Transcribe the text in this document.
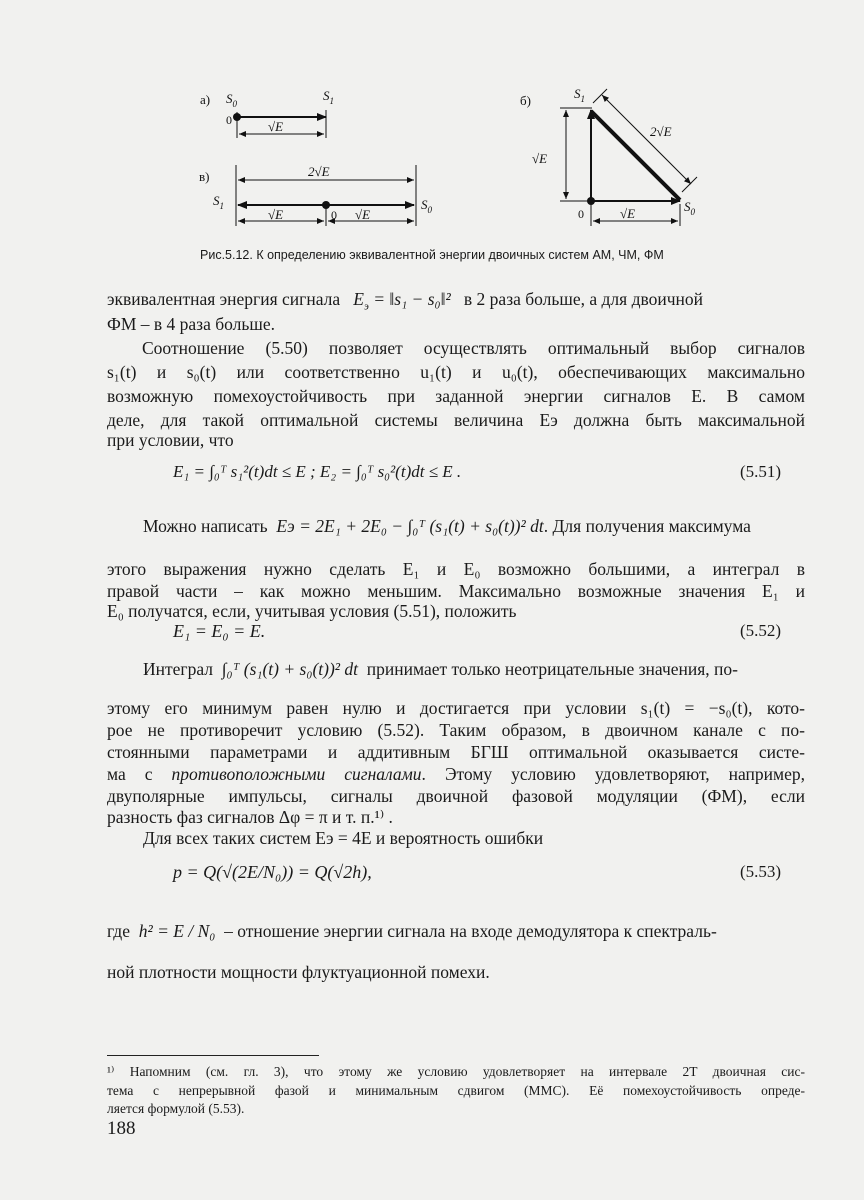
а) $S_0$
$S_1$
0	√E
в)	2√E
$S_1$	$S_0$
√E	0 √E
б)	$S_1$
$S_0$
0
√E
√E
2√E
Рис.5.12. К определению эквивалентной энергии двоичных систем АМ, ЧМ, ФМ
эквивалентная энергия сигнала $E_э$ = ‖s₁ − s₀‖² в 2 раза больше, а для двоичной
ФМ – в 4 раза больше.
Соотношение (5.50) позволяет осуществлять оптимальный выбор сигналов
s₁(t) и s₀(t) или соответственно u₁(t) и u₀(t), обеспечивающих максимально
возможную помехоустойчивость при заданной энергии сигналов E. В самом
деле, для такой оптимальной системы величина Eэ должна быть максимальной
при условии, что
E₁ = ∫₀ᵀ s₁²(t)dt ≤ E ; E₂ = ∫₀ᵀ s₀²(t)dt ≤ E .	(5.51)
Можно написать Eэ = 2E₁ + 2E₀ − ∫₀ᵀ (s₁(t) + s₀(t))² dt. Для получения максимума
этого выражения нужно сделать E₁ и E₀ возможно большими, а интеграл в
правой части – как можно меньшим. Максимально возможные значения E₁ и
E₀ получатся, если, учитывая условия (5.51), положить
E₁ = E₀ = E.	(5.52)
Интеграл ∫₀ᵀ (s₁(t) + s₀(t))² dt принимает только неотрицательные значения, по-
этому его минимум равен нулю и достигается при условии s₁(t) = −s₀(t), кото-
рое не противоречит условию (5.52). Таким образом, в двоичном канале с по-
стоянными параметрами и аддитивным БГШ оптимальной оказывается систе-
ма с противоположными сигналами. Этому условию удовлетворяют, например,
двуполярные импульсы, сигналы двоичной фазовой модуляции (ФМ), если
разность фаз сигналов Δφ = π и т. п.¹⁾ .
Для всех таких систем Eэ = 4E и вероятность ошибки
p = Q(√(2E/N₀)) = Q(√2h),	(5.53)
где h² = E / N₀ – отношение энергии сигнала на входе демодулятора к спектраль-
ной плотности мощности флуктуационной помехи.
¹⁾ Напомним (см. гл. 3), что этому же условию удовлетворяет на интервале 2T двоичная сис-
тема с непрерывной фазой и минимальным сдвигом (ММС). Её помехоустойчивость опреде-
ляется формулой (5.53).
188
